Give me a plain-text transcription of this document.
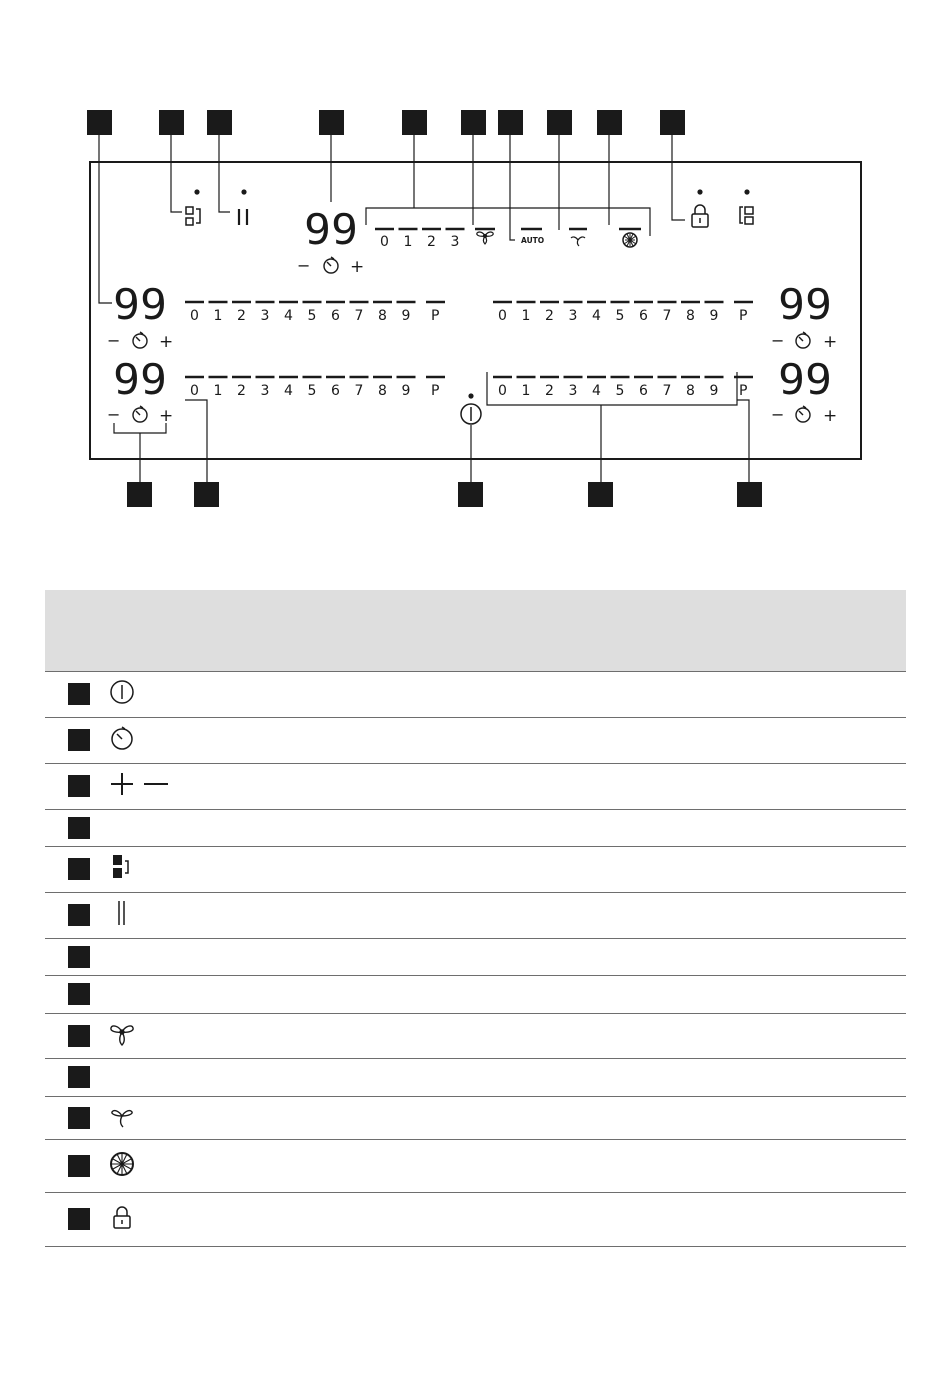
99
− +
0 1 2 3	AUTO
0 1 2 3 4 5 6 7 8 9 P
0 1 2 3 4 5 6 7 8 9 P
0 1 2 3 4 5 6 7 8 9 P
0 1 2 3 4 5 6 7 8 9 P
99
99
99
99
− +
− +
− +
− +
